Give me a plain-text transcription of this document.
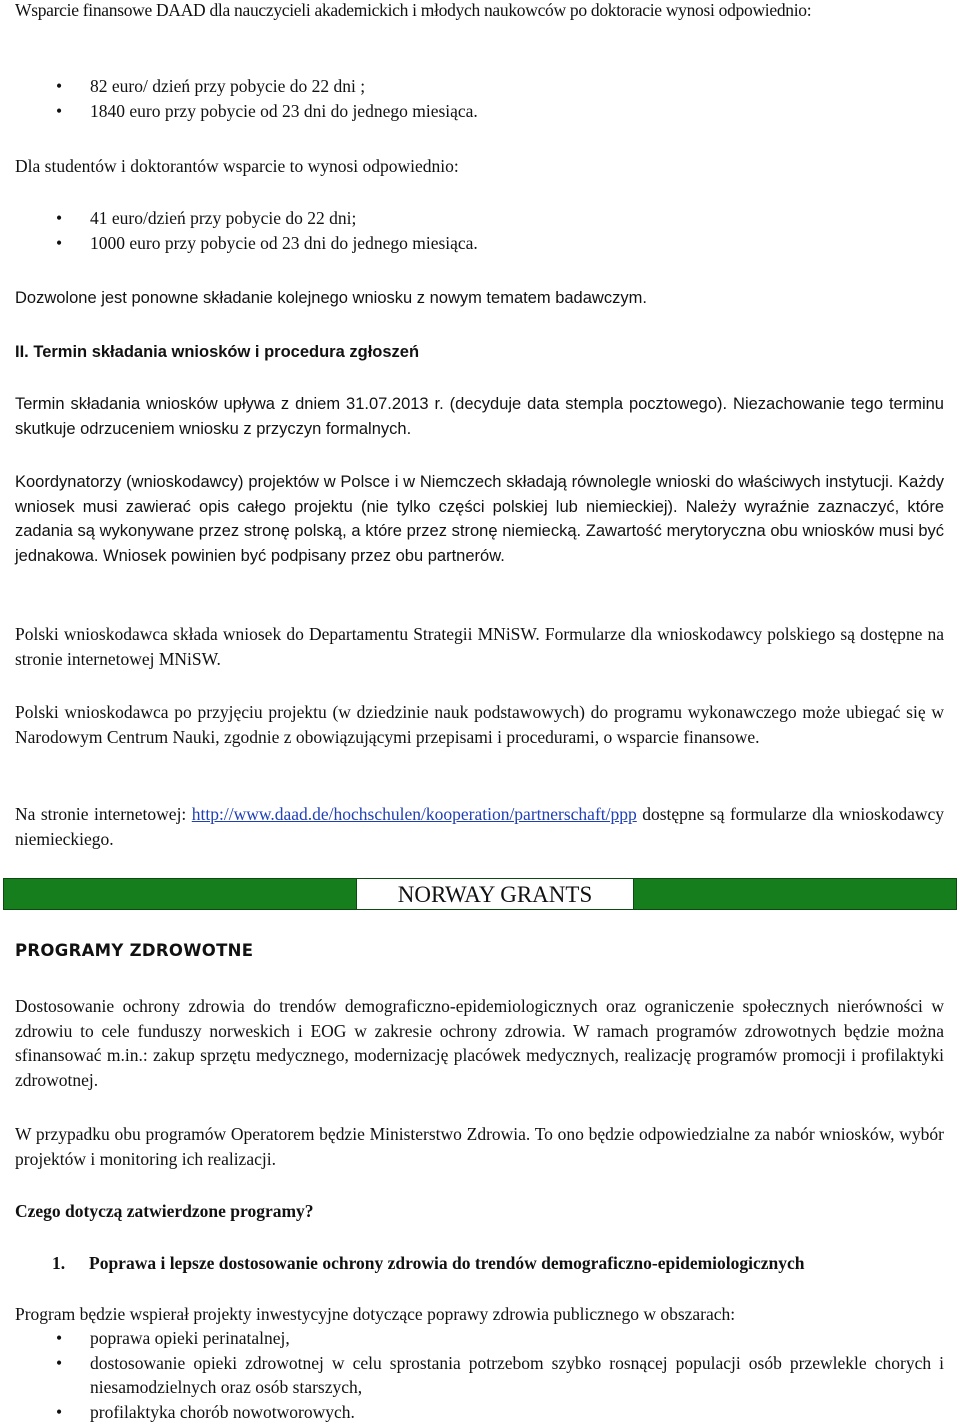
Wsparcie finansowe DAAD dla nauczycieli akademickich i młodych naukowców po doktoracie wynosi odpowiednio:

• 82 euro/ dzień przy pobycie do 22 dni ;
• 1840 euro przy pobycie od 23 dni do jednego miesiąca.

Dla studentów i doktorantów wsparcie to wynosi odpowiednio:

• 41 euro/dzień przy pobycie do 22 dni;
• 1000 euro przy pobycie od 23 dni do jednego miesiąca.

Dozwolone jest ponowne składanie kolejnego wniosku z nowym tematem badawczym.

II. Termin składania wniosków i procedura zgłoszeń

Termin składania wniosków upływa z dniem 31.07.2013 r. (decyduje data stempla pocztowego). Niezachowanie tego terminu skutkuje odrzuceniem wniosku z przyczyn formalnych.

Koordynatorzy (wnioskodawcy) projektów w Polsce i w Niemczech składają równolegle wnioski do właściwych instytucji. Każdy wniosek musi zawierać opis całego projektu (nie tylko części polskiej lub niemieckiej). Należy wyraźnie zaznaczyć, które zadania są wykonywane przez stronę polską, a które przez stronę niemiecką. Zawartość merytoryczna obu wniosków musi być jednakowa. Wniosek powinien być podpisany przez obu partnerów.

Polski wnioskodawca składa wniosek do Departamentu Strategii MNiSW. Formularze dla wnioskodawcy polskiego są dostępne na stronie internetowej MNiSW.

Polski wnioskodawca po przyjęciu projektu (w dziedzinie nauk podstawowych) do programu wykonawczego może ubiegać się w Narodowym Centrum Nauki, zgodnie z obowiązującymi przepisami i procedurami, o wsparcie finansowe.

Na stronie internetowej: http://www.daad.de/hochschulen/kooperation/partnerschaft/ppp dostępne są formularze dla wnioskodawcy niemieckiego.

NORWAY GRANTS
PROGRAMY ZDROWOTNE

Dostosowanie ochrony zdrowia do trendów demograficzno-epidemiologicznych oraz ograniczenie społecznych nierówności w zdrowiu to cele funduszy norweskich i EOG w zakresie ochrony zdrowia. W ramach programów zdrowotnych będzie można sfinansować m.in.: zakup sprzętu medycznego, modernizację placówek medycznych, realizację programów promocji i profilaktyki zdrowotnej.

W przypadku obu programów Operatorem będzie Ministerstwo Zdrowia. To ono będzie odpowiedzialne za nabór wniosków, wybór projektów i monitoring ich realizacji.

Czego dotyczą zatwierdzone programy?

1. Poprawa i lepsze dostosowanie ochrony zdrowia do trendów demograficzno-epidemiologicznych

Program będzie wspierał projekty inwestycyjne dotyczące poprawy zdrowia publicznego w obszarach:

• poprawa opieki perinatalnej,
• dostosowanie opieki zdrowotnej w celu sprostania potrzebom szybko rosnącej populacji osób przewlekle chorych i niesamodzielnych oraz osób starszych,
• profilaktyka chorób nowotworowych.
